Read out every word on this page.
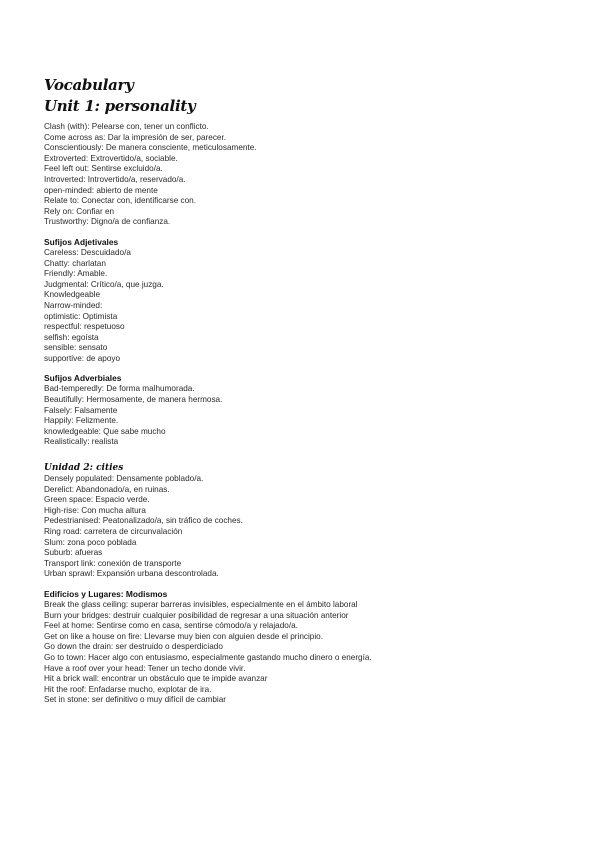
Vocabulary
Unit 1: personality
Clash (with): Pelearse con, tener un conflicto.
Come across as: Dar la impresión de ser, parecer.
Conscientiously: De manera consciente, meticulosamente.
Extroverted: Extrovertido/a, sociable.
Feel left out: Sentirse excluido/a.
Introverted: Introvertido/a, reservado/a.
open-minded: abierto de mente
Relate to: Conectar con, identificarse con.
Rely on: Confiar en
Trustworthy: Digno/a de confianza.
Sufijos Adjetivales
Careless: Descuidado/a
Chatty: charlatan
Friendly: Amable.
Judgmental: Crítico/a, que juzga.
Knowledgeable
Narrow-minded:
optimistic: Optimista
respectful: respetuoso
selfish: egoísta
sensible: sensato
supportive: de apoyo
Sufijos Adverbiales
Bad-temperedly: De forma malhumorada.
Beautifully: Hermosamente, de manera hermosa.
Falsely: Falsamente
Happily: Felizmente.
knowledgeable: Que sabe mucho
Realistically: realista
Unidad 2: cities
Densely populated: Densamente poblado/a.
Derelict: Abandonado/a, en ruinas.
Green space: Espacio verde.
High-rise: Con mucha altura
Pedestrianised: Peatonalizado/a, sin tráfico de coches.
Ring road: carretera de circunvalación
Slum: zona poco poblada
Suburb: afueras
Transport link: conexión de transporte
Urban sprawl: Expansión urbana descontrolada.
Edificios y Lugares: Modismos
Break the glass ceiling: superar barreras invisibles, especialmente en el ámbito laboral
Burn your bridges: destruir cualquier posibilidad de regresar a una situación anterior
Feel at home: Sentirse como en casa, sentirse cómodo/a y relajado/a.
Get on like a house on fire: Llevarse muy bien con alguien desde el principio.
Go down the drain: ser destruido o desperdiciado
Go to town: Hacer algo con entusiasmo, especialmente gastando mucho dinero o energía.
Have a roof over your head: Tener un techo donde vivir.
Hit a brick wall: encontrar un obstáculo que te impide avanzar
Hit the roof: Enfadarse mucho, explotar de ira.
Set in stone: ser definitivo o muy difícil de cambiar
